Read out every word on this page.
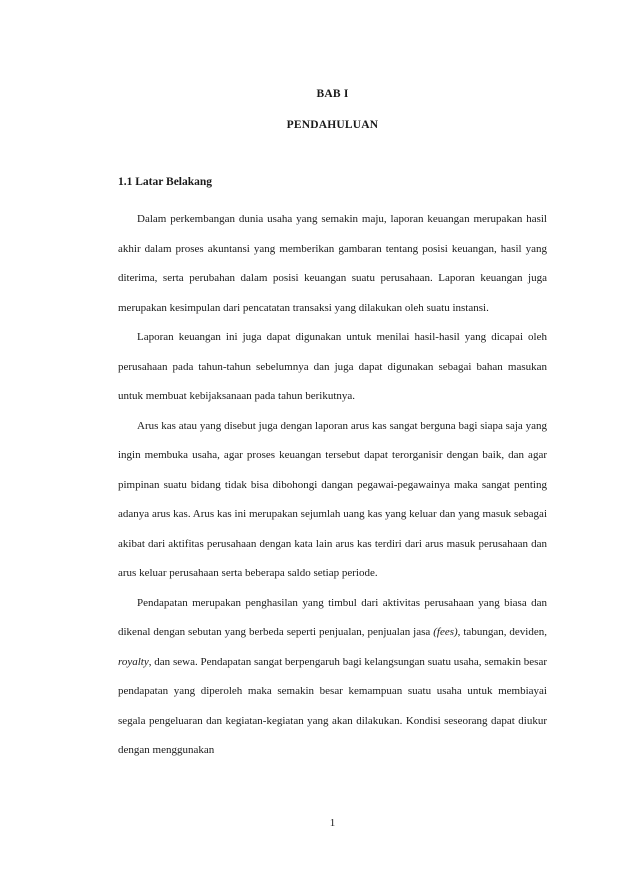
BAB I
PENDAHULUAN
1.1 Latar Belakang

Dalam perkembangan dunia usaha yang semakin maju, laporan keuangan merupakan hasil akhir dalam proses akuntansi yang memberikan gambaran tentang posisi keuangan, hasil yang diterima, serta perubahan dalam posisi keuangan suatu perusahaan. Laporan keuangan juga merupakan kesimpulan dari pencatatan transaksi yang dilakukan oleh suatu instansi.

Laporan keuangan ini juga dapat digunakan untuk menilai hasil-hasil yang dicapai oleh perusahaan pada tahun-tahun sebelumnya dan juga dapat digunakan sebagai bahan masukan untuk membuat kebijaksanaan pada tahun berikutnya.

Arus kas atau yang disebut juga dengan laporan arus kas sangat berguna bagi siapa saja yang ingin membuka usaha, agar proses keuangan tersebut dapat terorganisir dengan baik, dan agar pimpinan suatu bidang tidak bisa dibohongi dangan pegawai-pegawainya maka sangat penting adanya arus kas. Arus kas ini merupakan sejumlah uang kas yang keluar dan yang masuk sebagai akibat dari aktifitas perusahaan dengan kata lain arus kas terdiri dari arus masuk perusahaan dan arus keluar perusahaan serta beberapa saldo setiap periode.

Pendapatan merupakan penghasilan yang timbul dari aktivitas perusahaan yang biasa dan dikenal dengan sebutan yang berbeda seperti penjualan, penjualan jasa (fees), tabungan, deviden, royalty, dan sewa. Pendapatan sangat berpengaruh bagi kelangsungan suatu usaha, semakin besar pendapatan yang diperoleh maka semakin besar kemampuan suatu usaha untuk membiayai segala pengeluaran dan kegiatan-kegiatan yang akan dilakukan. Kondisi seseorang dapat diukur dengan menggunakan

1
